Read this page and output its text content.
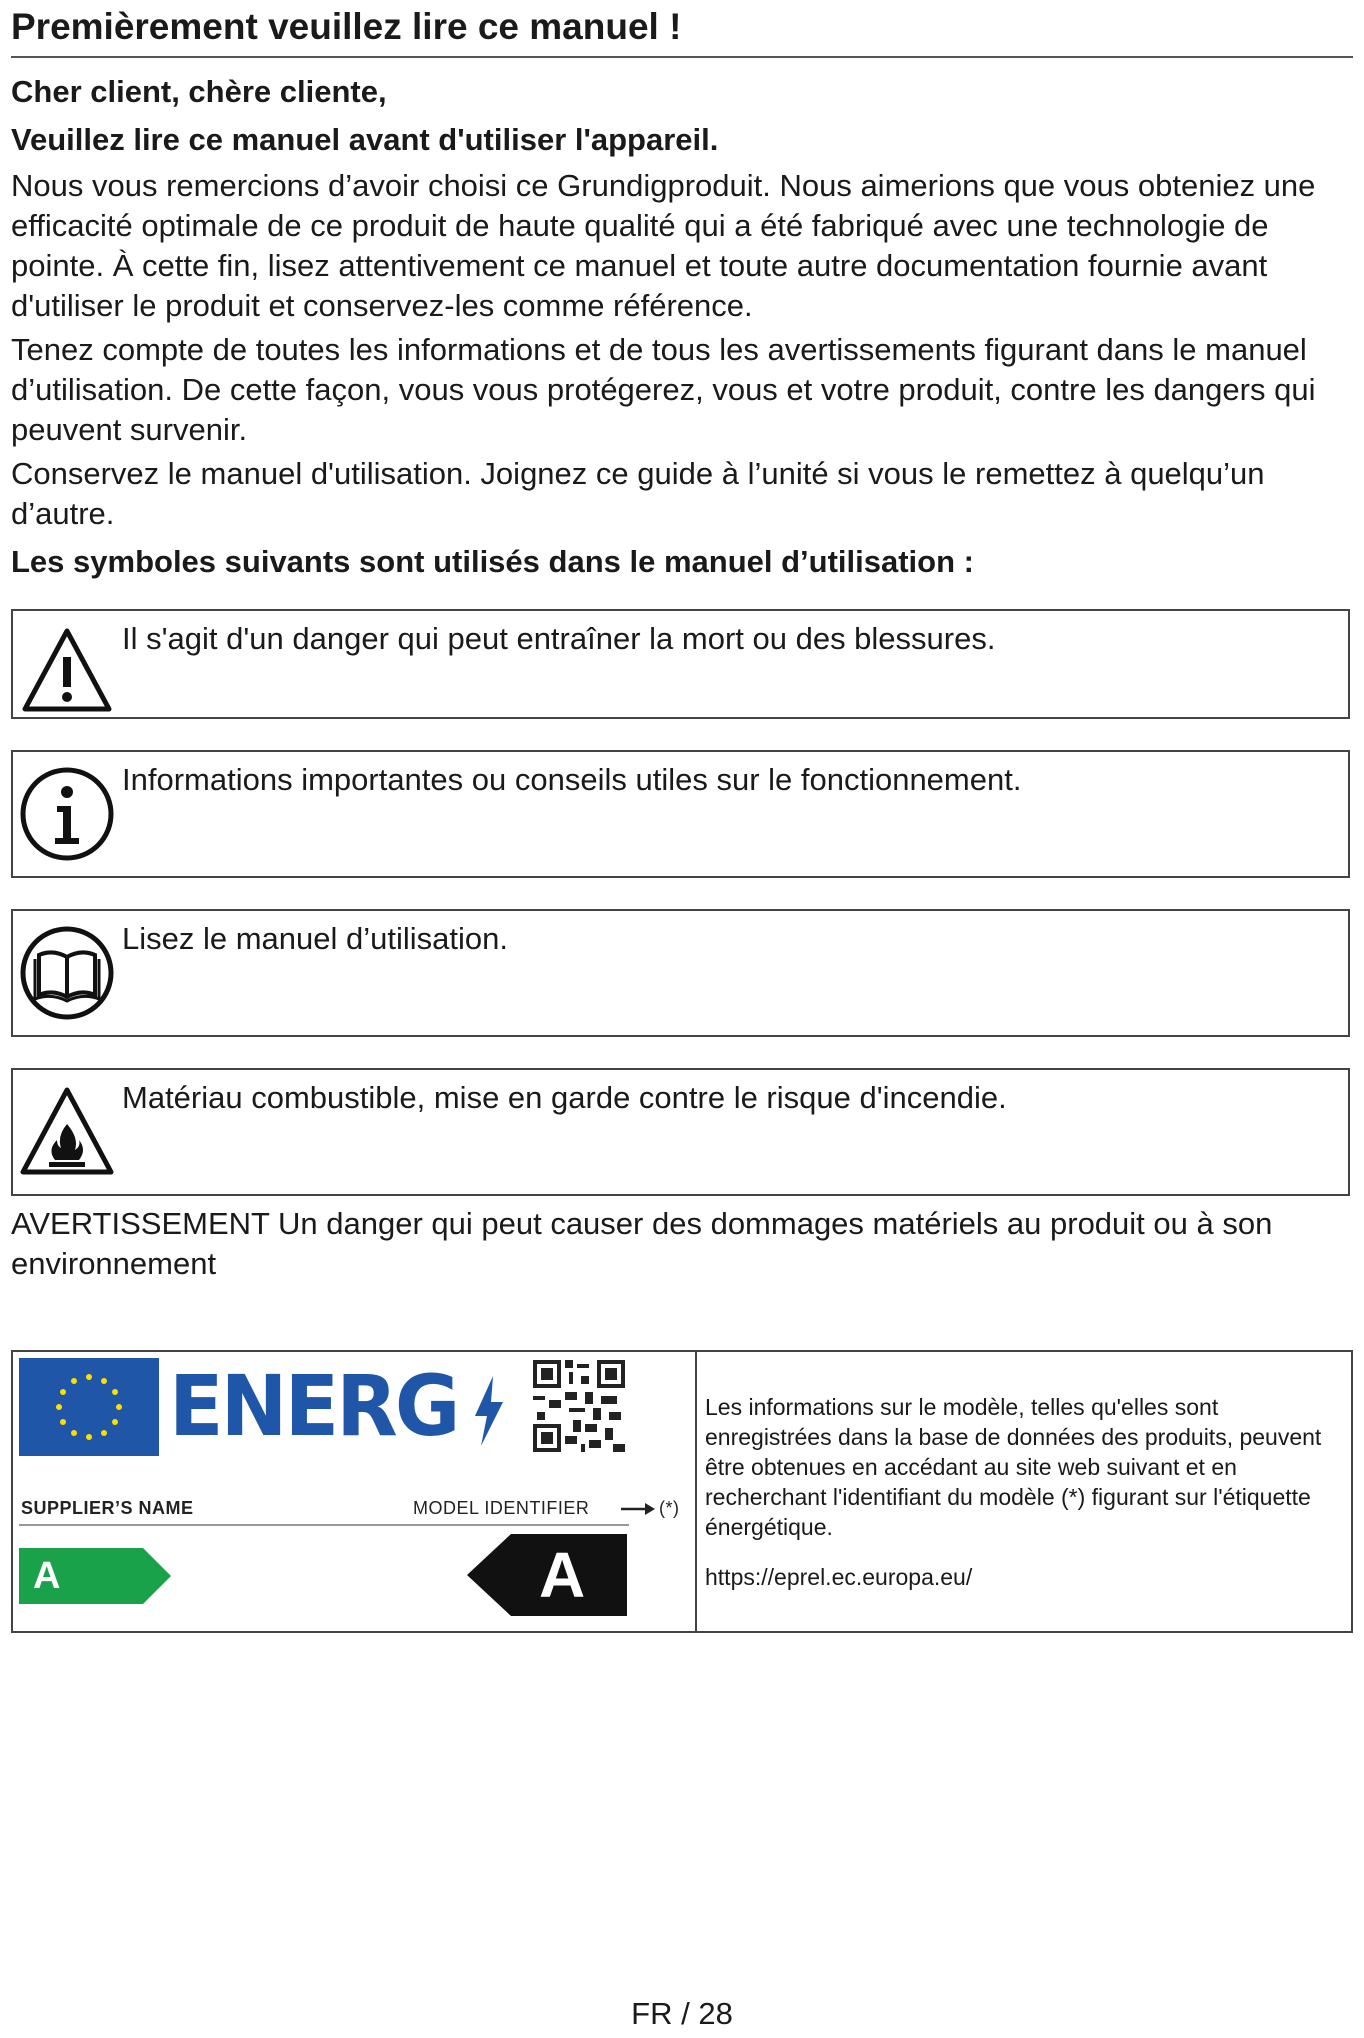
Premièrement veuillez lire ce manuel !

Cher client, chère cliente,

Veuillez lire ce manuel avant d'utiliser l'appareil.

Nous vous remercions d’avoir choisi ce Grundigproduit. Nous aimerions que vous obteniez une efficacité optimale de ce produit de haute qualité qui a été fabriqué avec une technologie de pointe. À cette fin, lisez attentivement ce manuel et toute autre documentation fournie avant d'utiliser le produit et conservez-les comme référence.

Tenez compte de toutes les informations et de tous les avertissements figurant dans le manuel d’utilisation. De cette façon, vous vous protégerez, vous et votre produit, contre les dangers qui peuvent survenir.

Conservez le manuel d'utilisation. Joignez ce guide à l’unité si vous le remettez à quelqu’un d’autre.

Les symboles suivants sont utilisés dans le manuel d’utilisation :

Il s'agit d'un danger qui peut entraîner la mort ou des blessures.
Informations importantes ou conseils utiles sur le fonctionnement.
Lisez le manuel d’utilisation.
Matériau combustible, mise en garde contre le risque d'incendie.

AVERTISSEMENT Un danger qui peut causer des dommages matériels au produit ou à son environnement

ENERG
SUPPLIER’S NAME	MODEL IDENTIFIER	(*)
A	A
Les informations sur le modèle, telles qu'elles sont enregistrées dans la base de données des produits, peuvent être obtenues en accédant au site web suivant et en recherchant l'identifiant du modèle (*) figurant sur l'étiquette énergétique.
https://eprel.ec.europa.eu/
FR / 28
